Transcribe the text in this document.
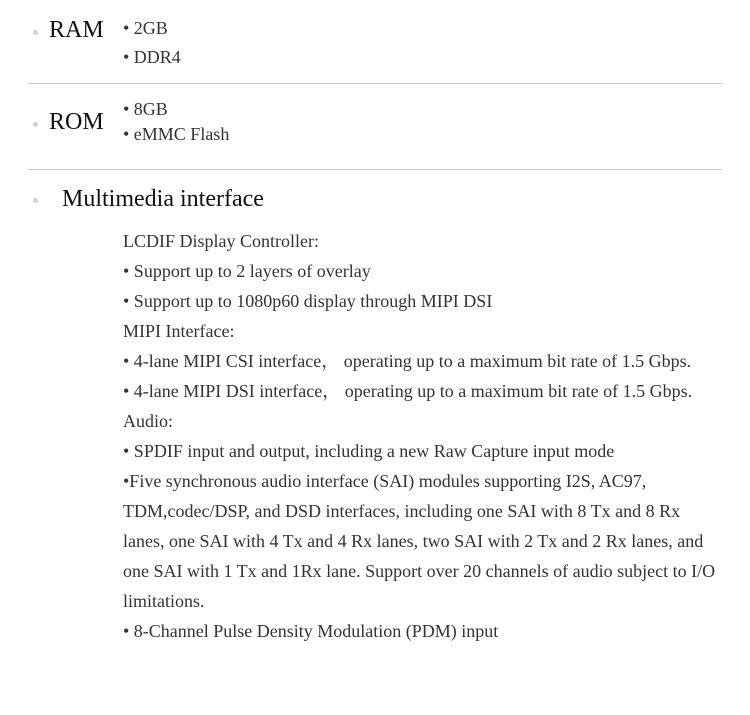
RAM • 2GB
• DDR4
ROM • 8GB
• eMMC Flash
Multimedia interface
LCDIF Display Controller:
• Support up to 2 layers of overlay
• Support up to 1080p60 display through MIPI DSI
MIPI Interface:
• 4-lane MIPI CSI interface， operating up to a maximum bit rate of 1.5 Gbps.
• 4-lane MIPI DSI interface， operating up to a maximum bit rate of 1.5 Gbps.
Audio:
• SPDIF input and output, including a new Raw Capture input mode
•Five synchronous audio interface (SAI) modules supporting I2S, AC97, TDM,codec/DSP, and DSD interfaces, including one SAI with 8 Tx and 8 Rx lanes, one SAI with 4 Tx and 4 Rx lanes, two SAI with 2 Tx and 2 Rx lanes, and one SAI with 1 Tx and 1Rx lane. Support over 20 channels of audio subject to I/O limitations.
• 8-Channel Pulse Density Modulation (PDM) input
